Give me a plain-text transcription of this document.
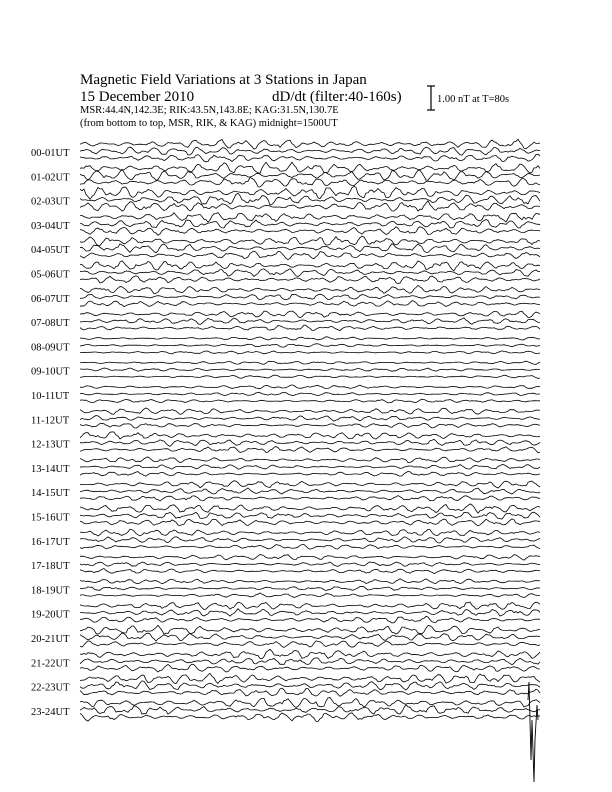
Magnetic Field Variations at 3 Stations in Japan
15 December 2010	dD/dt (filter:40-160s)
MSR:44.4N,142.3E; RIK:43.5N,143.8E; KAG:31.5N,130.7E
(from bottom to top, MSR, RIK, & KAG) midnight=1500UT
1.00 nT at T=80s
00-01UT
01-02UT
02-03UT
03-04UT
04-05UT
05-06UT
06-07UT
07-08UT
08-09UT
09-10UT
10-11UT
11-12UT
12-13UT
13-14UT
14-15UT
15-16UT
16-17UT
17-18UT
18-19UT
19-20UT
20-21UT
21-22UT
22-23UT
23-24UT
